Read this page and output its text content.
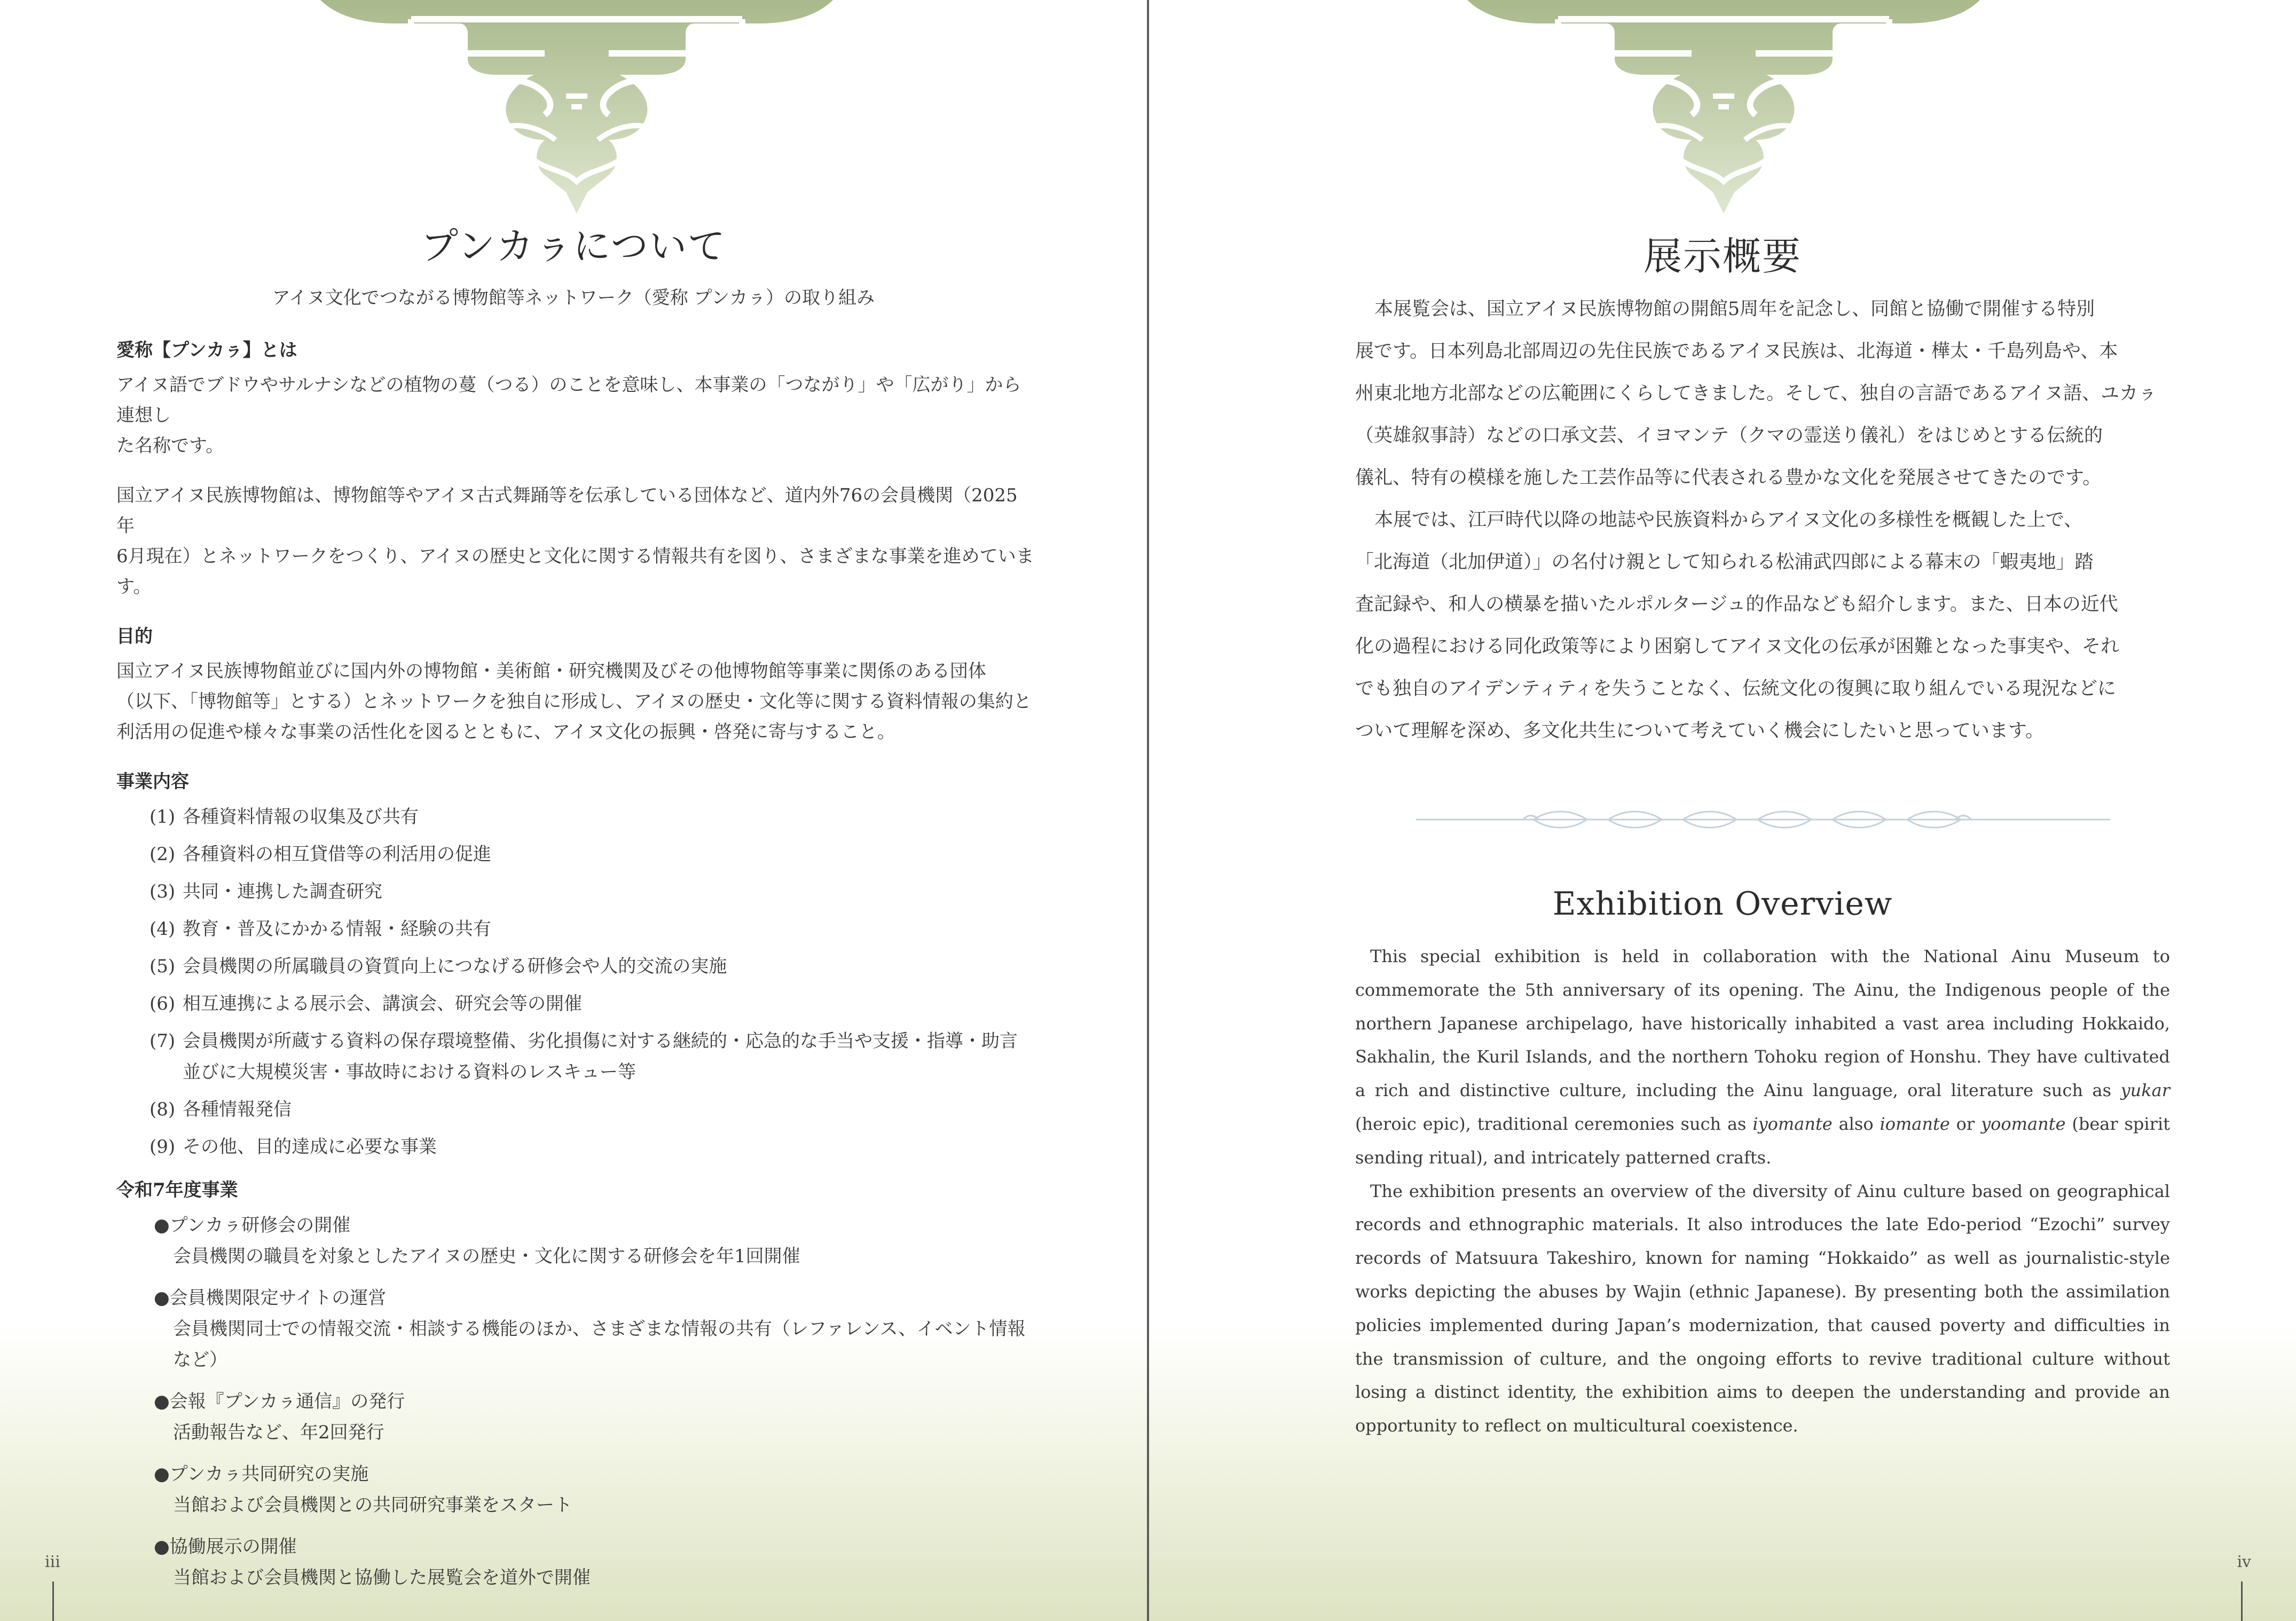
プンカㇻについて
アイヌ文化でつながる博物館等ネットワーク（愛称 プンカㇻ）の取り組み
愛称【プンカㇻ】とは
アイヌ語でブドウやサルナシなどの植物の蔓（つる）のことを意味し、本事業の「つながり」や「広がり」から連想し
た名称です。
国立アイヌ民族博物館は、博物館等やアイヌ古式舞踊等を伝承している団体など、道内外76の会員機関（2025年
6月現在）とネットワークをつくり、アイヌの歴史と文化に関する情報共有を図り、さまざまな事業を進めています。
目的
国立アイヌ民族博物館並びに国内外の博物館・美術館・研究機関及びその他博物館等事業に関係のある団体
（以下、「博物館等」とする）とネットワークを独自に形成し、アイヌの歴史・文化等に関する資料情報の集約と
利活用の促進や様々な事業の活性化を図るとともに、アイヌ文化の振興・啓発に寄与すること。
事業内容
(1) 各種資料情報の収集及び共有
(2) 各種資料の相互貸借等の利活用の促進
(3) 共同・連携した調査研究
(4) 教育・普及にかかる情報・経験の共有
(5) 会員機関の所属職員の資質向上につなげる研修会や人的交流の実施
(6) 相互連携による展示会、講演会、研究会等の開催
(7) 会員機関が所蔵する資料の保存環境整備、劣化損傷に対する継続的・応急的な手当や支援・指導・助言
並びに大規模災害・事故時における資料のレスキュー等
(8) 各種情報発信
(9) その他、目的達成に必要な事業
令和7年度事業
●プンカㇻ研修会の開催
会員機関の職員を対象としたアイヌの歴史・文化に関する研修会を年1回開催
●会員機関限定サイトの運営
会員機関同士での情報交流・相談する機能のほか、さまざまな情報の共有（レファレンス、イベント情報など）
●会報『プンカㇻ通信』の発行
活動報告など、年2回発行
●プンカㇻ共同研究の実施
当館および会員機関との共同研究事業をスタート
●協働展示の開催
当館および会員機関と協働した展覧会を道外で開催
iii
展示概要

本展覧会は、国立アイヌ民族博物館の開館5周年を記念し、同館と協働で開催する特別

展です。日本列島北部周辺の先住民族であるアイヌ民族は、北海道・樺太・千島列島や、本
州東北地方北部などの広範囲にくらしてきました。そして、独自の言語であるアイヌ語、ユカㇻ
（英雄叙事詩）などの口承文芸、イヨマンテ（クマの霊送り儀礼）をはじめとする伝統的
儀礼、特有の模様を施した工芸作品等に代表される豊かな文化を発展させてきたのです。

本展では、江戸時代以降の地誌や民族資料からアイヌ文化の多様性を概観した上で、

「北海道（北加伊道）」の名付け親として知られる松浦武四郎による幕末の「蝦夷地」踏
査記録や、和人の横暴を描いたルポルタージュ的作品なども紹介します。また、日本の近代
化の過程における同化政策等により困窮してアイヌ文化の伝承が困難となった事実や、それ
でも独自のアイデンティティを失うことなく、伝統文化の復興に取り組んでいる現況などに
ついて理解を深め、多文化共生について考えていく機会にしたいと思っています。
Exhibition Overview

This special exhibition is held in collaboration with the National Ainu Museum to commemorate the 5th anniversary of its opening. The Ainu, the Indigenous people of the northern Japanese archipelago, have historically inhabited a vast area including Hokkaido, Sakhalin, the Kuril Islands, and the northern Tohoku region of Honshu. They have cultivated a rich and distinctive culture, including the Ainu language, oral literature such as yukar (heroic epic), traditional ceremonies such as iyomante also iomante or yoomante (bear spirit sending ritual), and intricately patterned crafts.

The exhibition presents an overview of the diversity of Ainu culture based on geographical records and ethnographic materials. It also introduces the late Edo-period “Ezochi” survey records of Matsuura Takeshiro, known for naming “Hokkaido” as well as journalistic-style works depicting the abuses by Wajin (ethnic Japanese). By presenting both the assimilation policies implemented during Japan’s modernization, that caused poverty and difficulties in the transmission of culture, and the ongoing efforts to revive traditional culture without losing a distinct identity, the exhibition aims to deepen the understanding and provide an opportunity to reflect on multicultural coexistence.

iv
